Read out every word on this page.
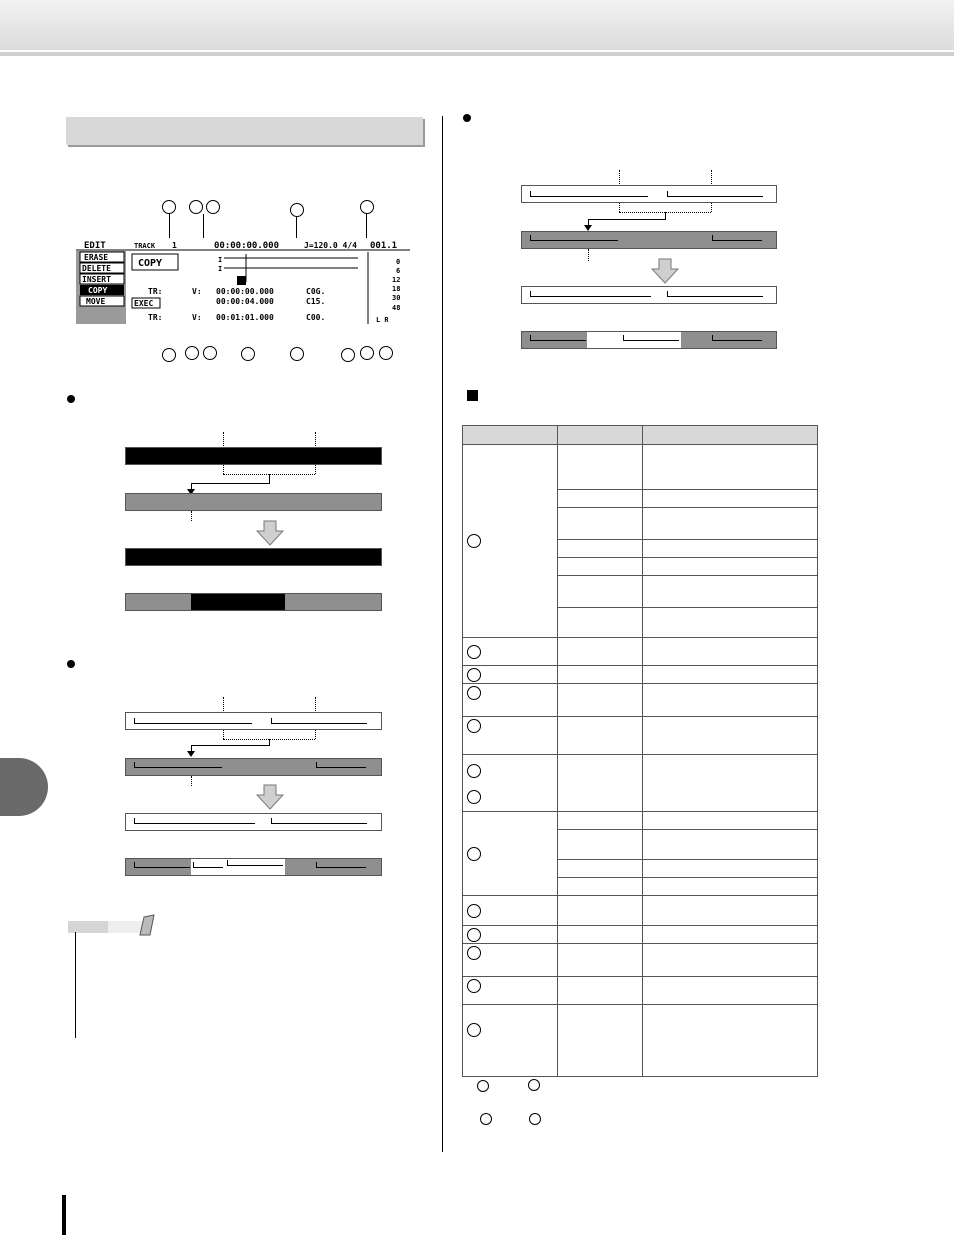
EDIT	TRACK 1	00:00:00.000	J=120.0 4/4 001.1
ERASE
DELETE
INSERT
COPY
MOVE
COPY	I
I
TR:	V: 00:00:00.000	C0G.
EXEC	00:00:04.000	C15.
TR:	V: 00:01:01.000	C00.
0
6
12
18
30
48
L R
